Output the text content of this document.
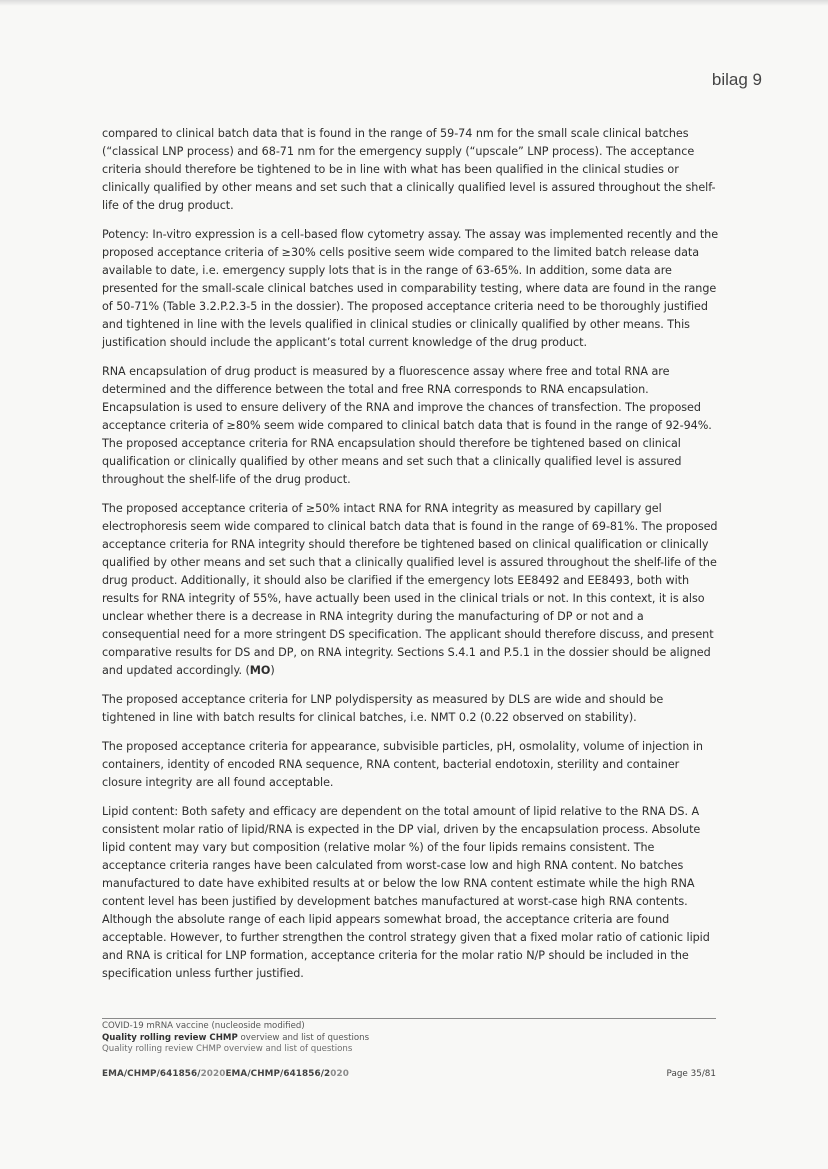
bilag 9

compared to clinical batch data that is found in the range of 59-74 nm for the small scale clinical batches (“classical LNP process) and 68-71 nm for the emergency supply (“upscale” LNP process). The acceptance criteria should therefore be tightened to be in line with what has been qualified in the clinical studies or clinically qualified by other means and set such that a clinically qualified level is assured throughout the shelf-life of the drug product.

Potency: In-vitro expression is a cell-based flow cytometry assay. The assay was implemented recently and the proposed acceptance criteria of ≥30% cells positive seem wide compared to the limited batch release data available to date, i.e. emergency supply lots that is in the range of 63-65%. In addition, some data are presented for the small-scale clinical batches used in comparability testing, where data are found in the range of 50-71% (Table 3.2.P.2.3-5 in the dossier). The proposed acceptance criteria need to be thoroughly justified and tightened in line with the levels qualified in clinical studies or clinically qualified by other means. This justification should include the applicant’s total current knowledge of the drug product.

RNA encapsulation of drug product is measured by a fluorescence assay where free and total RNA are determined and the difference between the total and free RNA corresponds to RNA encapsulation. Encapsulation is used to ensure delivery of the RNA and improve the chances of transfection. The proposed acceptance criteria of ≥80% seem wide compared to clinical batch data that is found in the range of 92-94%. The proposed acceptance criteria for RNA encapsulation should therefore be tightened based on clinical qualification or clinically qualified by other means and set such that a clinically qualified level is assured throughout the shelf-life of the drug product.

The proposed acceptance criteria of ≥50% intact RNA for RNA integrity as measured by capillary gel electrophoresis seem wide compared to clinical batch data that is found in the range of 69-81%. The proposed acceptance criteria for RNA integrity should therefore be tightened based on clinical qualification or clinically qualified by other means and set such that a clinically qualified level is assured throughout the shelf-life of the drug product. Additionally, it should also be clarified if the emergency lots EE8492 and EE8493, both with results for RNA integrity of 55%, have actually been used in the clinical trials or not. In this context, it is also unclear whether there is a decrease in RNA integrity during the manufacturing of DP or not and a consequential need for a more stringent DS specification. The applicant should therefore discuss, and present comparative results for DS and DP, on RNA integrity. Sections S.4.1 and P.5.1 in the dossier should be aligned and updated accordingly. (MO)

The proposed acceptance criteria for LNP polydispersity as measured by DLS are wide and should be tightened in line with batch results for clinical batches, i.e. NMT 0.2 (0.22 observed on stability).

The proposed acceptance criteria for appearance, subvisible particles, pH, osmolality, volume of injection in containers, identity of encoded RNA sequence, RNA content, bacterial endotoxin, sterility and container closure integrity are all found acceptable.

Lipid content: Both safety and efficacy are dependent on the total amount of lipid relative to the RNA DS. A consistent molar ratio of lipid/RNA is expected in the DP vial, driven by the encapsulation process. Absolute lipid content may vary but composition (relative molar %) of the four lipids remains consistent. The acceptance criteria ranges have been calculated from worst-case low and high RNA content. No batches manufactured to date have exhibited results at or below the low RNA content estimate while the high RNA content level has been justified by development batches manufactured at worst-case high RNA contents. Although the absolute range of each lipid appears somewhat broad, the acceptance criteria are found acceptable. However, to further strengthen the control strategy given that a fixed molar ratio of cationic lipid and RNA is critical for LNP formation, acceptance criteria for the molar ratio N/P should be included in the specification unless further justified.

COVID-19 mRNA vaccine (nucleoside modified)
Quality rolling review CHMP overview and list of questions
Quality rolling review CHMP overview and list of questions
EMA/CHMP/641856/2020EMA/CHMP/641856/2020	Page 35/81
